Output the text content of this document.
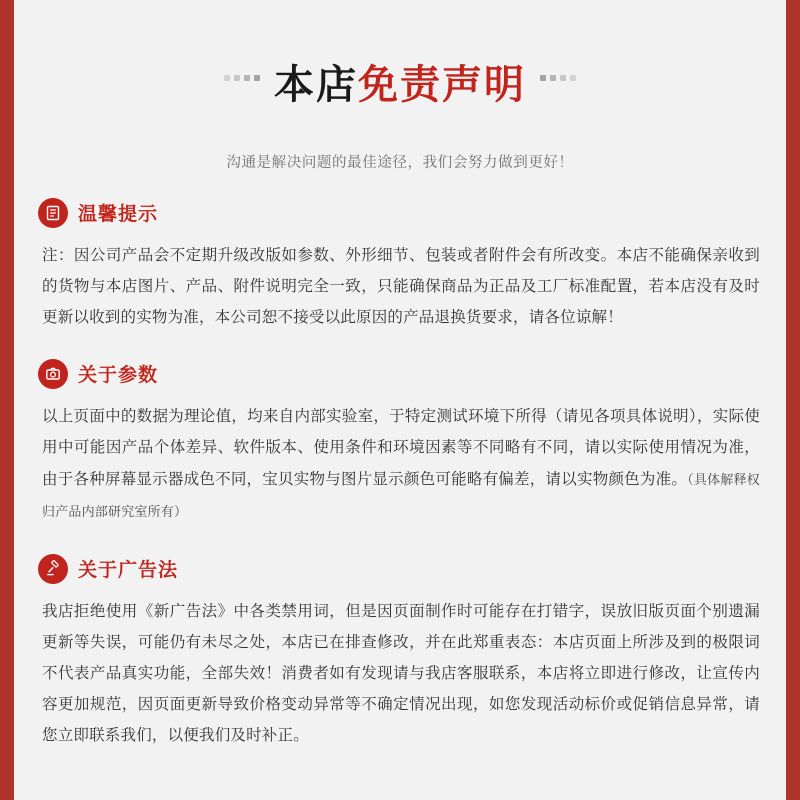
本店免责声明
沟通是解决问题的最佳途径，我们会努力做到更好！
温馨提示
注：因公司产品会不定期升级改版如参数、外形细节、包装或者附件会有所改变。本店不能确保亲收到的货物与本店图片、产品、附件说明完全一致，只能确保商品为正品及工厂标准配置，若本店没有及时更新以收到的实物为准，本公司恕不接受以此原因的产品退换货要求，请各位谅解！
关于参数
以上页面中的数据为理论值，均来自内部实验室，于特定测试环境下所得（请见各项具体说明），实际使用中可能因产品个体差异、软件版本、使用条件和环境因素等不同略有不同，请以实际使用情况为准，由于各种屏幕显示器成色不同，宝贝实物与图片显示颜色可能略有偏差，请以实物颜色为准。（具体解释权归产品内部研究室所有）
关于广告法
我店拒绝使用《新广告法》中各类禁用词，但是因页面制作时可能存在打错字，误放旧版页面个别遗漏更新等失误，可能仍有未尽之处，本店已在排查修改，并在此郑重表态：本店页面上所涉及到的极限词不代表产品真实功能，全部失效！消费者如有发现请与我店客服联系，本店将立即进行修改，让宣传内容更加规范，因页面更新导致价格变动异常等不确定情况出现，如您发现活动标价或促销信息异常，请您立即联系我们，以便我们及时补正。
